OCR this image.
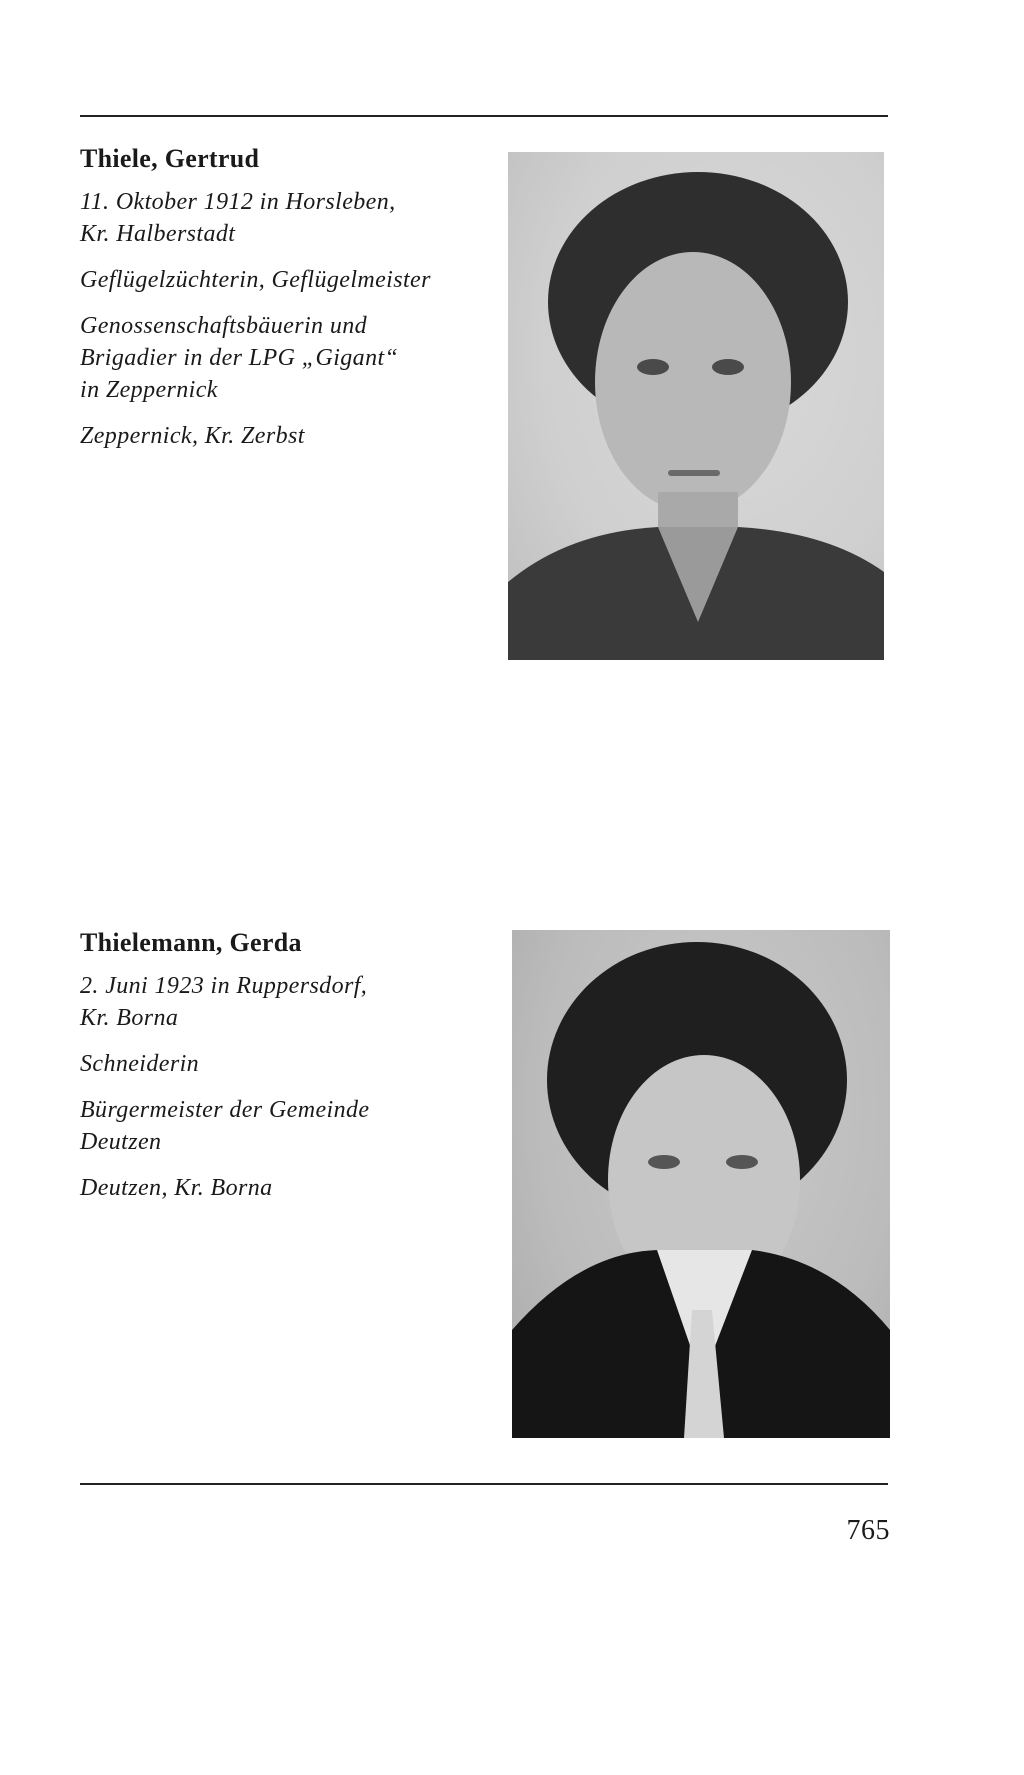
Thiele, Gertrud
11. Oktober 1912 in Horsleben,
Kr. Halberstadt
Geflügelzüchterin, Geflügelmeister
Genossenschaftsbäuerin und
Brigadier in der LPG „Gigant“
in Zeppernick
Zeppernick, Kr. Zerbst
Thielemann, Gerda
2. Juni 1923 in Ruppersdorf,
Kr. Borna
Schneiderin
Bürgermeister der Gemeinde
Deutzen
Deutzen, Kr. Borna
765
